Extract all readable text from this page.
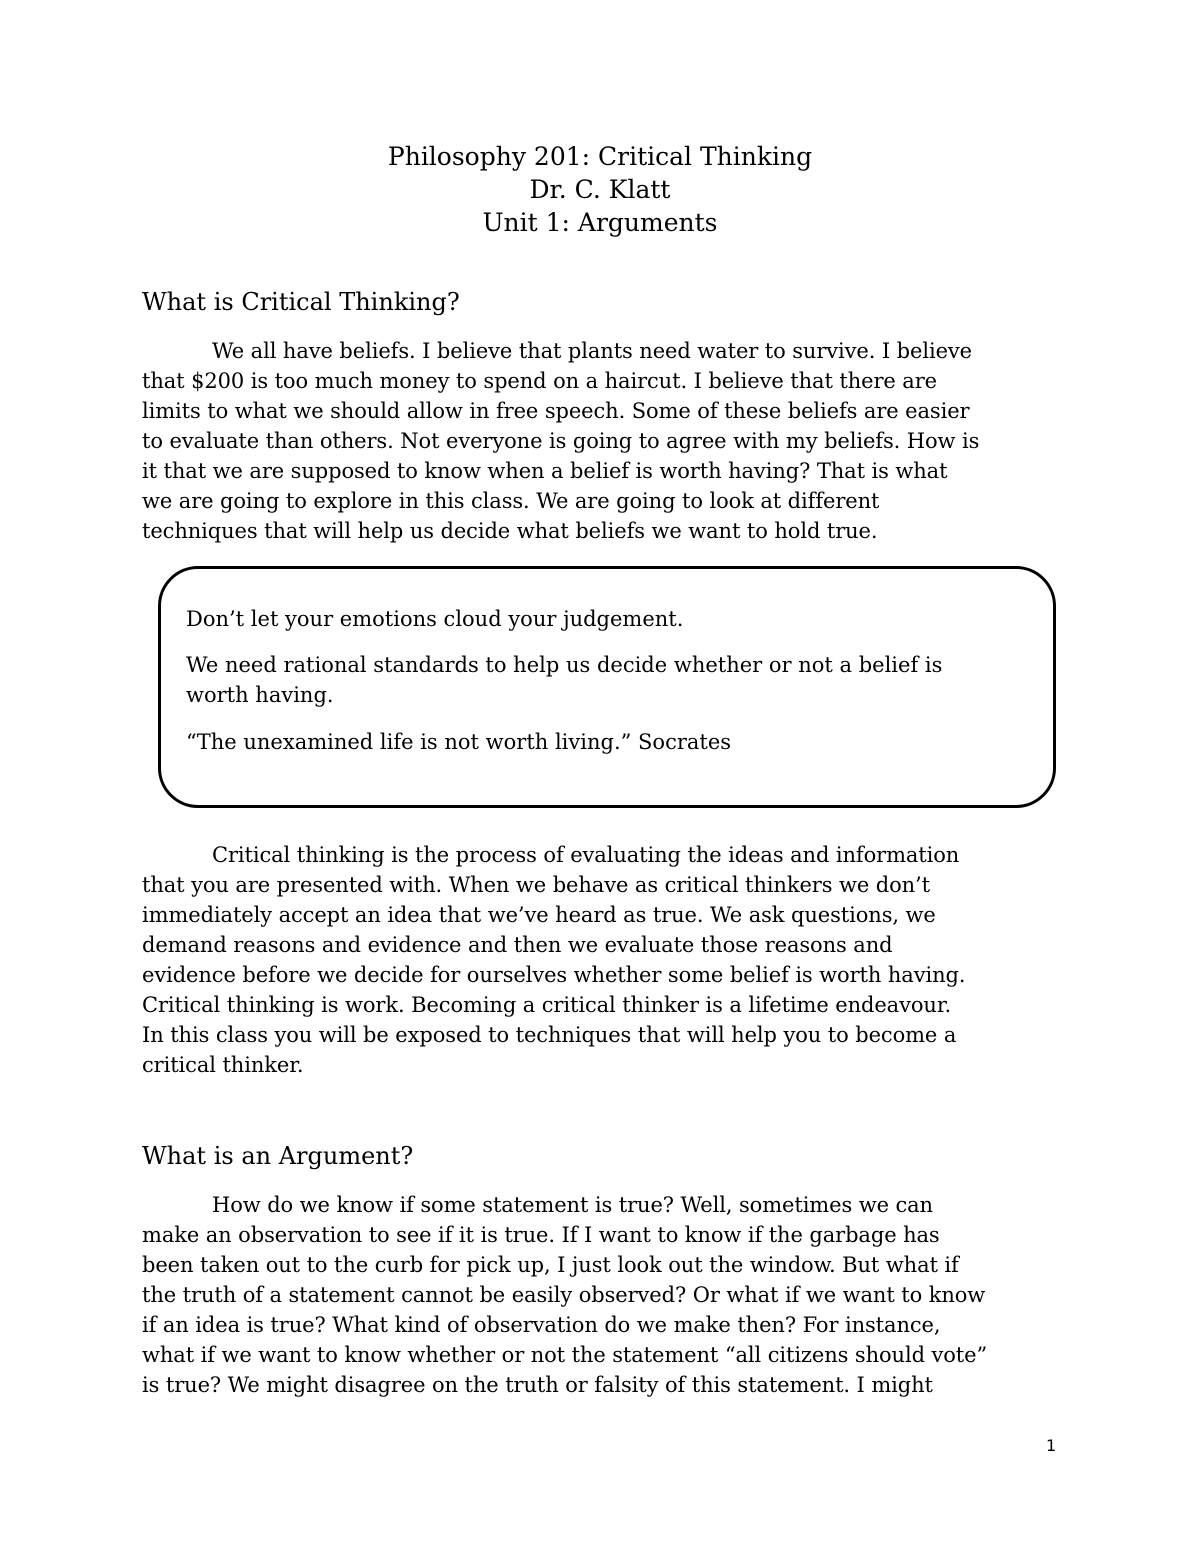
Philosophy 201: Critical Thinking
Dr. C. Klatt
Unit 1: Arguments
What is Critical Thinking?

We all have beliefs. I believe that plants need water to survive. I believe
that $200 is too much money to spend on a haircut. I believe that there are
limits to what we should allow in free speech. Some of these beliefs are easier
to evaluate than others. Not everyone is going to agree with my beliefs. How is
it that we are supposed to know when a belief is worth having? That is what
we are going to explore in this class. We are going to look at different
techniques that will help us decide what beliefs we want to hold true.

Don’t let your emotions cloud your judgement.

We need rational standards to help us decide whether or not a belief is
worth having.

“The unexamined life is not worth living.” Socrates

Critical thinking is the process of evaluating the ideas and information
that you are presented with. When we behave as critical thinkers we don’t
immediately accept an idea that we’ve heard as true. We ask questions, we
demand reasons and evidence and then we evaluate those reasons and
evidence before we decide for ourselves whether some belief is worth having.
Critical thinking is work. Becoming a critical thinker is a lifetime endeavour.
In this class you will be exposed to techniques that will help you to become a
critical thinker.

What is an Argument?

How do we know if some statement is true? Well, sometimes we can
make an observation to see if it is true. If I want to know if the garbage has
been taken out to the curb for pick up, I just look out the window. But what if
the truth of a statement cannot be easily observed? Or what if we want to know
if an idea is true? What kind of observation do we make then? For instance,
what if we want to know whether or not the statement “all citizens should vote”
is true? We might disagree on the truth or falsity of this statement. I might

1
